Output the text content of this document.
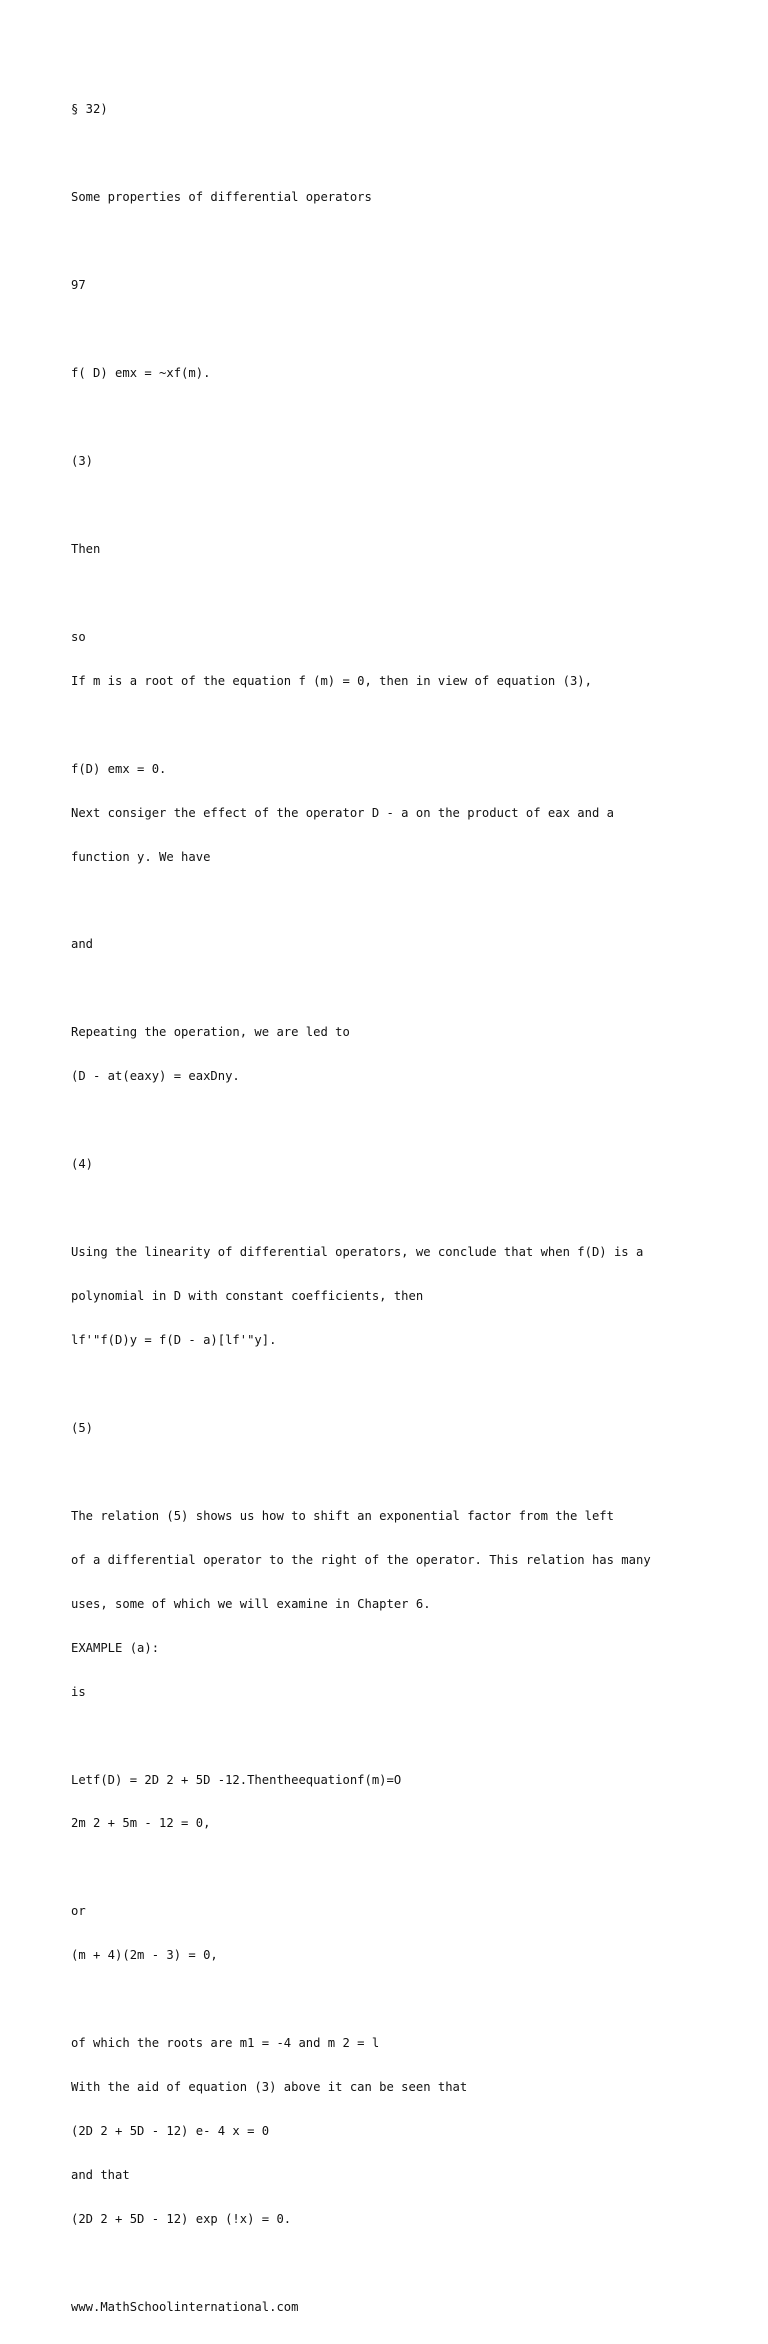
§ 32)

Some properties of differential operators

97

f( D) emx = ~xf(m).

(3)

Then

so

If m is a root of the equation f (m) = 0, then in view of equation (3),

f(D) emx = 0.

Next consiger the effect of the operator D - a on the product of eax and a

function y. We have

and

Repeating the operation, we are led to

(D - at(eaxy) = eaxDny.

(4)

Using the linearity of differential operators, we conclude that when f(D) is a

polynomial in D with constant coefficients, then

lf'"f(D)y = f(D - a)[lf'"y].

(5)

The relation (5) shows us how to shift an exponential factor from the left

of a differential operator to the right of the operator. This relation has many

uses, some of which we will examine in Chapter 6.

EXAMPLE (a):

is

Letf(D) = 2D 2 + 5D -12.Thentheequationf(m)=O

2m 2 + 5m - 12 = 0,

or

(m + 4)(2m - 3) = 0,

of which the roots are m1 = -4 and m 2 = l

With the aid of equation (3) above it can be seen that

(2D 2 + 5D - 12) e- 4 x = 0

and that

(2D 2 + 5D - 12) exp (!x) = 0.

www.MathSchoolinternational.com
